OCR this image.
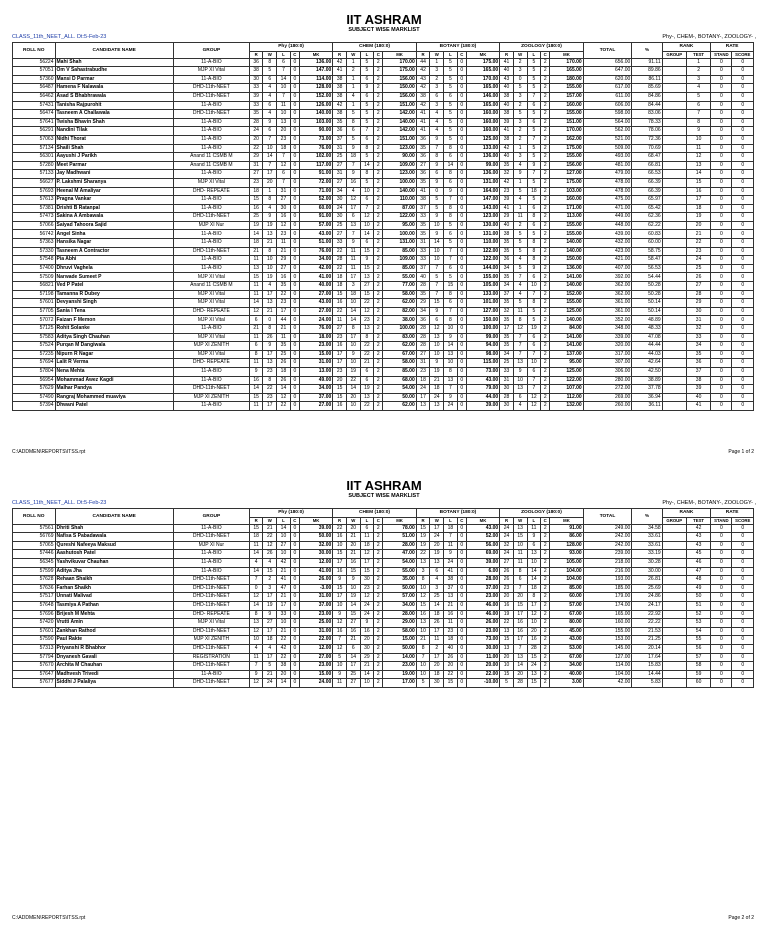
IIT ASHRAM
SUBJECT WISE MARKLIST
CLASS_11th_NEET_ALL. Dt:5-Feb-23	Phy-, CHEM-, BOTANY-, ZOOLOGY- ,
ROLL NO	CANDIDATE NAME	GROUP	Phy (180:0)					CHEM (180:0)					BOTANY (180:0)					ZOOLOGY (180:0)					TOTAL	%	RANK		RATE	
			R	W	L	C	MK	R	W	L	C	MK	R	W	L	C	MK	R	W	L	C	MK			GROUP	TEST	STAND	SCORE
56224	Mahi Shah	11-A-BIO	36	8	6	0	136.00	42	1	5	2	170.00	44	1	5	0	175.00	41	2	5	2	170.00	656.00	91.11		1	0	0
57051	Om V Sahastrabudhe	MJP XI Vital	38	5	7	0	147.00	41	2	5	2	175.00	42	3	5	0	165.00	40	3	5	2	165.00	647.00	89.86		2	0	0
57360	Mansi D Parmar	11-A-BIO	30	6	14	0	114.00	38	1	6	2	156.00	43	2	5	0	170.00	43	0	5	2	180.00	620.00	86.11		3	0	0
56487	Hamena F Nalawala	DHD-11th-NEET	33	4	10	0	128.00	38	1	9	2	150.00	42	3	5	0	165.00	40	5	5	2	155.00	617.00	85.69		4	0	0
56462	Asad S Bhabhrawala	DHD-11th-NEET	39	4	7	0	152.00	38	4	6	2	156.00	38	6	6	0	146.00	38	3	7	2	157.00	611.00	84.86		5	0	0
57431	Tanisha Rajpurohit	11-A-BIO	33	6	11	0	126.00	42	1	5	2	151.00	42	3	5	0	165.00	40	2	6	2	160.00	606.00	84.44		6	0	0
56474	Tasneem A Challawala	DHD-11th-NEET	35	4	10	0	140.00	38	5	5	2	142.00	41	4	5	0	160.00	38	5	5	2	155.00	598.00	83.06		7	0	0
57641	Twisha Bhavin Shah	11-A-BIO	28	9	13	0	103.00	35	8	5	2	140.00	41	4	5	0	160.00	39	3	6	2	151.00	564.00	78.33		8	0	0
56291	Nandini Tilak	11-A-BIO	24	6	20	0	90.00	36	6	7	2	142.00	41	4	5	0	160.00	41	2	5	2	170.00	562.00	78.06		9	0	0
57063	Nidhi Thorat	11-A-BIO	20	7	23	0	73.00	37	5	6	2	151.00	36	9	5	0	125.00	38	2	7	2	162.00	521.00	72.36		10	0	0
57134	Shaili Shah	11-A-BIO	22	10	18	0	76.00	31	9	8	2	123.00	35	7	8	0	133.00	42	1	5	2	175.00	509.00	70.69		11	0	0
56301	Aayushi J Parikh	Anand 11 CSMB M	29	14	7	0	102.00	25	18	5	2	90.00	36	8	6	0	136.00	40	3	5	2	155.00	493.00	68.47		12	0	0
57280	Meet Parmar	Anand 11 CSMB M	31	7	12	0	117.00	27	7	14	2	109.00	27	9	14	0	99.00	35	4	9	2	156.00	481.00	66.81		13	0	0
57133	Jay Madhwani	11-A-BIO	27	17	6	0	91.00	31	9	8	2	123.00	36	6	8	0	136.00	32	9	7	2	127.00	479.00	66.53		14	0	0
56627	P. Lakshmi Sharanya	MJP XI Vital	23	20	7	0	72.00	27	16	5	2	100.00	35	9	6	0	131.00	42	1	5	2	175.00	478.00	66.39		15	0	0
57693	Heenal M Amaliyar	DHD- REPEATE	18	1	31	0	71.00	34	4	10	2	140.00	41	0	9	0	164.00	23	5	18	2	103.00	478.00	66.39		16	0	0
57613	Pragna Vankar	11-A-BIO	15	8	27	0	52.00	30	12	6	2	110.00	38	5	7	0	147.00	39	4	5	2	160.00	475.00	65.97		17	0	0
57381	Drishti B Ratanpal	11-A-BIO	16	4	30	0	60.00	24	17	7	2	87.00	37	5	8	0	143.00	41	1	6	2	171.00	471.00	65.42		18	0	0
57473	Sakina A Ambawala	DHD-11th-NEET	25	9	16	0	91.00	30	6	12	2	122.00	33	9	8	0	123.00	29	11	8	2	113.00	449.00	62.36		19	0	0
57066	Saiyad Tahoora Sajid	MJP XI Nur	19	19	12	0	57.00	25	13	10	2	95.00	35	10	5	0	130.00	40	2	6	2	155.00	448.00	62.22		20	0	0
56742	Angel Sinha	11-A-BIO	14	13	23	0	43.00	27	7	14	2	100.00	35	9	6	0	131.00	38	5	5	2	155.00	439.00	60.83		21	0	0
57363	Hansika Nagar	11-A-BIO	18	21	11	0	51.00	33	9	6	2	131.00	31	14	5	0	110.00	35	5	8	2	140.00	432.00	60.00		22	0	0
57330	Tasneem A Contractor	DHD-11th-NEET	21	8	21	0	76.00	22	11	15	2	85.00	33	10	7	0	122.00	35	5	8	2	140.00	423.00	58.75		23	0	0
57548	Pia Abhi	11-A-BIO	11	10	29	0	34.00	28	11	9	2	109.00	33	10	7	0	122.00	36	4	8	2	150.00	421.00	58.47		24	0	0
57400	Dhruvi Vaghela	11-A-BIO	13	10	27	0	42.00	22	11	15	2	85.00	37	7	6	0	144.00	34	5	9	2	136.00	407.00	56.53		25	0	0
57509	Narwade Sumeet P	MJP XI Vital	15	19	16	0	41.00	18	17	13	2	55.00	40	5	5	0	155.00	35	7	6	2	141.00	392.00	54.44		26	0	0
56821	Ved P Patel	Anand 11 CSMB M	11	4	35	0	40.00	18	3	27	2	77.00	28	7	15	0	105.00	34	4	10	2	140.00	362.00	50.28		27	0	0
57198	Tamanna R Dubey	MJP XI Vital	11	17	22	0	27.00	15	18	15	2	58.00	35	7	8	0	133.00	37	4	7	2	152.00	362.00	50.28		28	0	0
57601	Devyanshi Singh	MJP XI Vital	14	13	23	0	43.00	16	10	22	2	62.00	29	15	6	0	101.00	35	5	8	2	155.00	361.00	50.14		29	0	0
57705	Sania I Tena	DHD- REPEATE	12	21	17	0	27.00	22	14	12	2	82.00	34	9	7	0	127.00	32	11	5	2	125.00	361.00	50.14		30	0	0
57072	Faizan F Memon	MJP XI Vital	6	0	44	0	24.00	11	14	23	2	38.00	36	6	8	0	150.00	35	8	5	2	140.00	352.00	48.89		31	0	0
57125	Rohit Solanke	11-A-BIO	21	8	21	0	76.00	27	8	13	2	100.00	28	12	10	0	100.00	17	12	19	2	84.00	348.00	48.33		32	0	0
57583	Aditya Singh Chauhan	MJP XI Vital	11	26	11	0	18.00	23	17	8	2	83.00	28	13	9	0	99.00	35	7	6	2	141.00	339.00	47.08		33	0	0
57524	Purqan M Dangiwala	MJP XI ZENITH	6	9	35	0	23.00	16	10	22	2	62.00	28	10	14	0	94.00	35	7	6	2	141.00	320.00	44.44		34	0	0
57235	Nipurn R Nagar	MJP XI Vital	8	17	25	0	15.00	17	9	22	2	67.00	27	10	13	0	98.00	34	7	7	2	137.00	317.00	44.03		35	0	0
57694	Lalit R Verma	DHD- REPEATE	11	13	26	0	31.00	17	10	21	2	58.00	31	9	10	0	115.00	25	13	10	2	95.00	307.00	42.64		36	0	0
57804	Nena Mehta	11-A-BIO	9	23	18	0	13.00	23	19	6	2	85.00	23	19	8	0	73.00	33	9	6	2	125.00	306.00	42.50		37	0	0
56954	Mohammad Awez Kagdi	11-A-BIO	16	8	26	0	49.00	20	22	6	2	68.00	18	21	13	0	43.00	31	10	7	2	122.00	280.00	38.89		38	0	0
57629	Malhar Pandya	DHD-11th-NEET	14	22	14	0	34.00	15	14	19	2	54.00	24	18	7	0	79.00	30	13	7	2	107.00	272.00	37.78		39	0	0
57490	Rangraj Mohammed muaviya	MJP XI ZENITH	15	23	12	0	37.00	15	20	13	2	50.00	17	24	9	0	44.00	28	6	12	2	112.00	269.00	36.94		40	0	0
57394	Dhwani Patel	11-A-BIO	11	17	22	0	27.00	16	10	22	2	62.00	13	13	24	0	39.00	30	4	12	2	132.00	260.00	36.11		41	0	0
C:\ADDMEN\REPORTS\ITSS.rpt	Page 1 of 2
IIT ASHRAM
SUBJECT WISE MARKLIST
CLASS_11th_NEET_ALL. Dt:5-Feb-23	Phy-, CHEM-, BOTANY-, ZOOLOGY- ,
ROLL NO	CANDIDATE NAME	GROUP	Phy (180:0)					CHEM (180:0)					BOTANY (180:0)					ZOOLOGY (180:0)					TOTAL	%	RANK		RATE	
			R	W	L	C	MK	R	W	L	C	MK	R	W	L	C	MK	R	W	L	C	MK			GROUP	TEST	STAND	SCORE
57561	Dhriti Shah	11-A-BIO	15	21	14	0	39.00	22	20	6	2	78.00	15	17	18	0	43.00	24	13	11	2	91.00	249.00	34.58		42	0	0
56769	Nafisa S Pabadawala	DHD-11th-NEET	18	22	10	0	50.00	16	21	11	2	51.00	19	24	7	0	52.00	24	15	9	2	86.00	242.00	33.61		43	0	0
57065	Qureshi Nafeeya Maksud	MJP XI Nur	11	12	27	0	32.00	10	20	18	2	28.00	19	20	11	0	56.00	32	10	6	2	128.00	242.00	33.61		43	0	0
57446	Aashutosh Patel	11-A-BIO	14	26	10	0	30.00	15	21	12	2	47.00	22	19	9	0	69.00	24	11	13	2	93.00	239.00	33.19		45	0	0
56345	Yashvikuvar Chauhan	11-A-BIO	4	4	42	0	12.00	17	16	17	2	54.00	13	13	24	0	39.00	27	11	10	2	105.00	218.00	30.28		46	0	0
57599	Aditya Jha	11-A-BIO	14	15	21	0	41.00	16	15	15	2	55.00	3	6	41	0	6.00	26	8	14	2	104.00	216.00	30.00		47	0	0
57628	Rehaan Shaikh	DHD-11th-NEET	7	2	41	0	26.00	9	9	30	2	35.00	8	4	38	0	28.00	26	6	14	2	104.00	193.00	26.81		48	0	0
57636	Farhan Shaikh	DHD-11th-NEET	0	3	47	0	-3.00	15	10	23	2	50.00	10	3	37	0	37.00	23	7	18	2	85.00	185.00	25.69		49	0	0
57517	Unnati Malivad	DHD-11th-NEET	12	17	21	0	31.00	17	19	12	2	57.00	12	25	13	0	23.00	20	20	8	2	60.00	179.00	24.86		50	0	0
57648	Tasmiya A Pathan	DHD-11th-NEET	14	19	17	0	37.00	10	14	24	2	34.00	15	14	21	0	46.00	16	15	17	2	57.00	174.00	24.17		51	0	0
57696	Brijesh M Mehta	DHD- REPEATE	8	9	33	0	23.00	9	15	24	2	28.00	16	18	16	0	46.00	19	17	12	2	67.00	165.00	22.92		52	0	0
57420	Vrutti Amin	MJP XI Vital	13	27	10	0	25.00	12	27	9	2	29.00	13	26	11	0	26.00	22	16	10	2	80.00	160.00	22.22		53	0	0
57601	Zankhan Rathod	DHD-11th-NEET	12	17	21	0	31.00	16	16	16	2	58.00	10	17	23	0	23.00	13	16	20	2	45.00	155.00	21.53		54	0	0
57590	Paul Rakte	MJP XI ZENITH	10	18	22	0	22.00	7	21	20	2	15.00	21	11	18	0	73.00	15	17	16	2	43.00	153.00	21.25		55	0	0
57313	Priyanshi R Bhabhor	DHD-11th-NEET	4	4	42	0	12.00	12	6	30	2	50.00	8	2	40	0	30.00	13	7	28	2	53.00	145.00	20.14		56	0	0
57794	Dnyanesh Gavali	REGISTRATION	11	17	22	0	27.00	5	14	29	2	14.00	7	17	26	0	11.00	20	13	15	2	67.00	127.00	17.64		57	0	0
57670	Archita M Chauhan	DHD-11th-NEET	7	5	38	0	23.00	10	17	21	2	23.00	10	20	20	0	20.00	10	14	24	2	34.00	114.00	15.83		58	0	0
57647	Madhvesh Trivedi	11-A-BIO	9	21	20	0	15.00	9	25	14	2	19.00	10	18	22	0	22.00	15	20	13	2	40.00	104.00	14.44		59	0	0
57677	Siddhi J Palaliya	DHD-11th-NEET	12	24	14	0	24.00	11	27	10	2	17.00	5	30	15	0	-10.00	5	28	15	2	3.00	42.00	5.83		60	0	0
C:\ADDMEN\REPORTS\ITSS.rpt	Page 2 of 2
